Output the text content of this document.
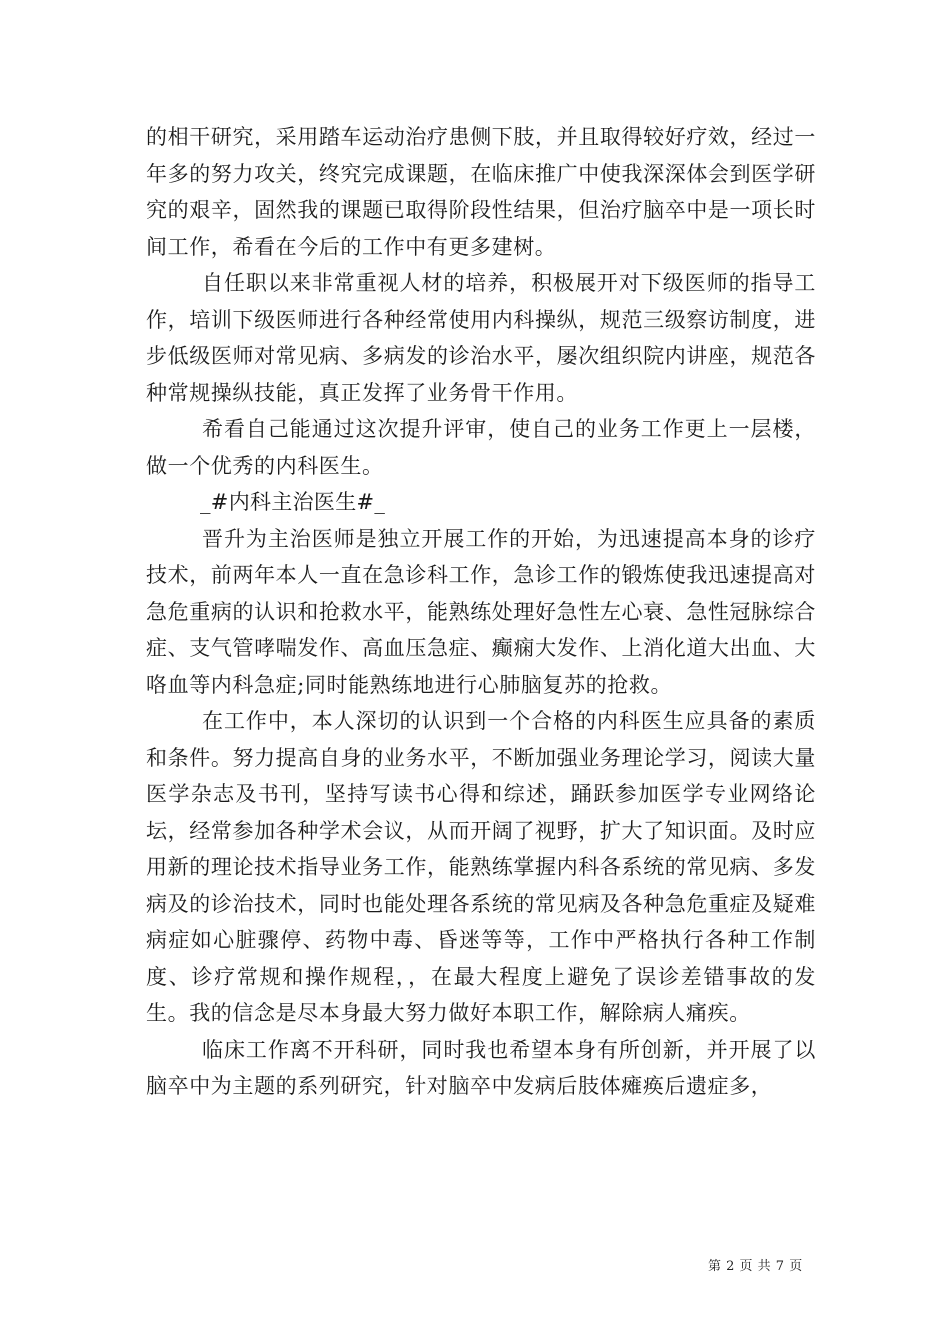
的相干研究，采用踏车运动治疗患侧下肢，并且取得较好疗效，经过一年多的努力攻关，终究完成课题，在临床推广中使我深深体会到医学研究的艰辛，固然我的课题已取得阶段性结果，但治疗脑卒中是一项长时间工作，希看在今后的工作中有更多建树。

自任职以来非常重视人材的培养，积极展开对下级医师的指导工作，培训下级医师进行各种经常使用内科操纵，规范三级察访制度，进步低级医师对常见病、多病发的诊治水平，屡次组织院内讲座，规范各种常规操纵技能，真正发挥了业务骨干作用。

希看自己能通过这次提升评审，使自己的业务工作更上一层楼，做一个优秀的内科医生。

_#内科主治医生#_

晋升为主治医师是独立开展工作的开始，为迅速提高本身的诊疗技术，前两年本人一直在急诊科工作，急诊工作的锻炼使我迅速提高对急危重病的认识和抢救水平，能熟练处理好急性左心衰、急性冠脉综合症、支气管哮喘发作、高血压急症、癫痫大发作、上消化道大出血、大咯血等内科急症;同时能熟练地进行心肺脑复苏的抢救。

在工作中，本人深切的认识到一个合格的内科医生应具备的素质和条件。努力提高自身的业务水平，不断加强业务理论学习，阅读大量医学杂志及书刊，坚持写读书心得和综述，踊跃参加医学专业网络论坛，经常参加各种学术会议，从而开阔了视野，扩大了知识面。及时应用新的理论技术指导业务工作，能熟练掌握内科各系统的常见病、多发病及的诊治技术，同时也能处理各系统的常见病及各种急危重症及疑难病症如心脏骤停、药物中毒、昏迷等等，工作中严格执行各种工作制度、诊疗常规和操作规程，，在最大程度上避免了误诊差错事故的发生。我的信念是尽本身最大努力做好本职工作，解除病人痛疾。

临床工作离不开科研，同时我也希望本身有所创新，并开展了以脑卒中为主题的系列研究，针对脑卒中发病后肢体瘫痪后遗症多，

第 2 页 共 7 页
